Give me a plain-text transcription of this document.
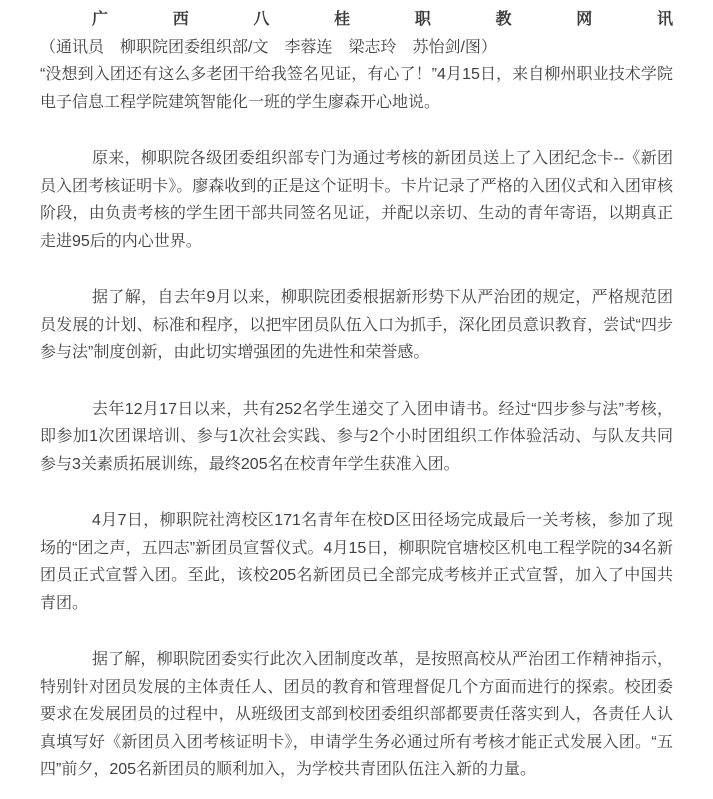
广西八桂职教网讯（通讯员　柳职院团委组织部/文　李蓉连　梁志玲　苏怡剑/图）

“没想到入团还有这么多老团干给我签名见证，有心了！”4月15日，来自柳州职业技术学院电子信息工程学院建筑智能化一班的学生廖森开心地说。

原来，柳职院各级团委组织部专门为通过考核的新团员送上了入团纪念卡--《新团员入团考核证明卡》。廖森收到的正是这个证明卡。卡片记录了严格的入团仪式和入团审核阶段，由负责考核的学生团干部共同签名见证，并配以亲切、生动的青年寄语，以期真正走进95后的内心世界。

据了解，自去年9月以来，柳职院团委根据新形势下从严治团的规定，严格规范团员发展的计划、标准和程序，以把牢团员队伍入口为抓手，深化团员意识教育，尝试“四步参与法”制度创新，由此切实增强团的先进性和荣誉感。

去年12月17日以来，共有252名学生递交了入团申请书。经过“四步参与法”考核，即参加1次团课培训、参与1次社会实践、参与2个小时团组织工作体验活动、与队友共同参与3关素质拓展训练，最终205名在校青年学生获准入团。

4月7日，柳职院社湾校区171名青年在校D区田径场完成最后一关考核，参加了现场的“团之声，五四志”新团员宣誓仪式。4月15日，柳职院官塘校区机电工程学院的34名新团员正式宣誓入团。至此，该校205名新团员已全部完成考核并正式宣誓，加入了中国共青团。

据了解，柳职院团委实行此次入团制度改革，是按照高校从严治团工作精神指示，特别针对团员发展的主体责任人、团员的教育和管理督促几个方面而进行的探索。校团委要求在发展团员的过程中，从班级团支部到校团委组织部都要责任落实到人，各责任人认真填写好《新团员入团考核证明卡》，申请学生务必通过所有考核才能正式发展入团。“五四”前夕，205名新团员的顺利加入，为学校共青团队伍注入新的力量。
